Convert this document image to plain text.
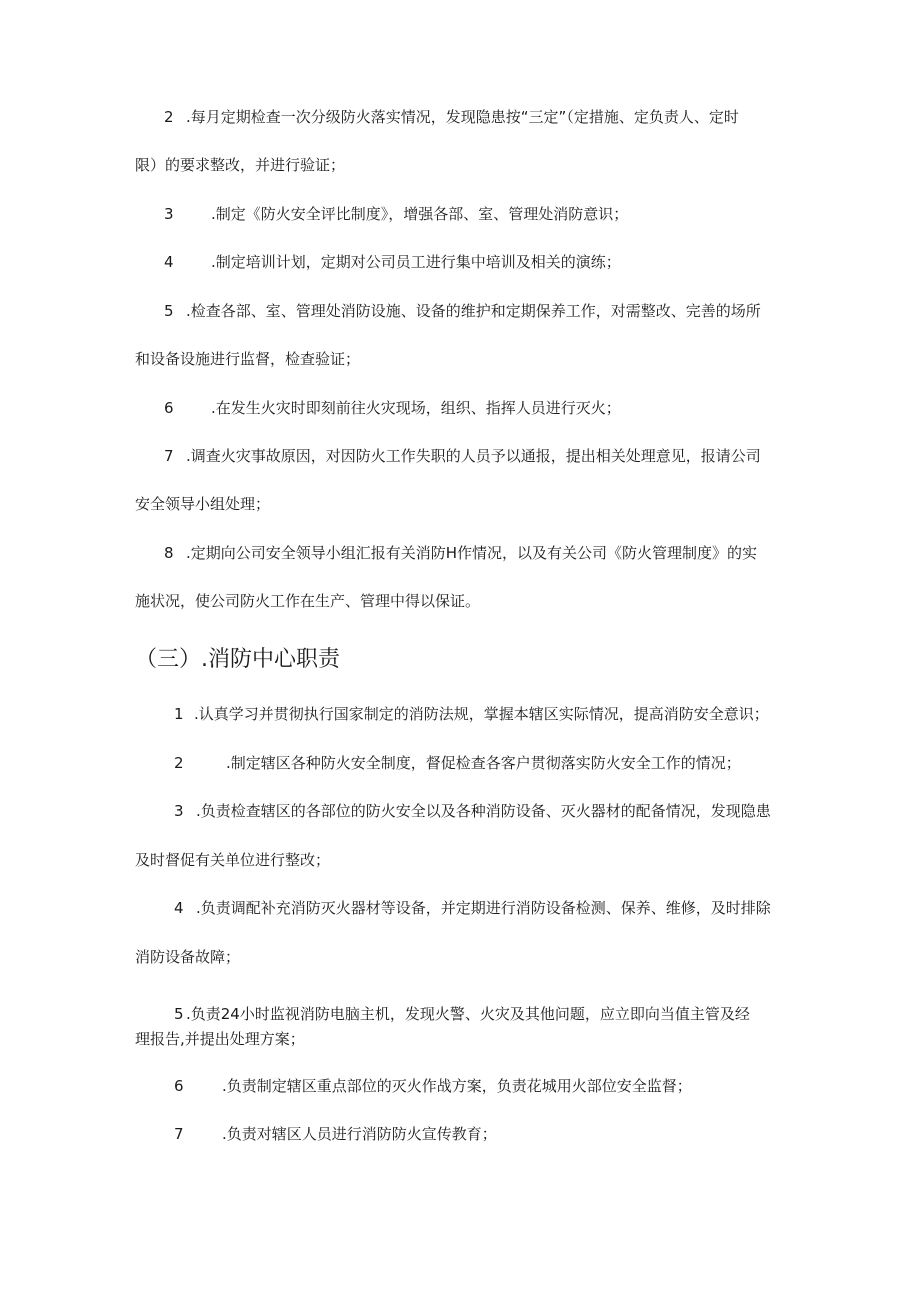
2 .每月定期检查一次分级防火落实情况，发现隐患按“三定”（定措施、定负责人、定时
限）的要求整改，并进行验证；
3 .制定《防火安全评比制度》，增强各部、室、管理处消防意识；
4 .制定培训计划，定期对公司员工进行集中培训及相关的演练；
5 .检查各部、室、管理处消防设施、设备的维护和定期保养工作，对需整改、完善的场所
和设备设施进行监督，检查验证；
6 .在发生火灾时即刻前往火灾现场，组织、指挥人员进行灭火；
7 .调查火灾事故原因，对因防火工作失职的人员予以通报，提出相关处理意见，报请公司
安全领导小组处理；
8 .定期向公司安全领导小组汇报有关消防H作情况，以及有关公司《防火管理制度》的实
施状况，使公司防火工作在生产、管理中得以保证。
（三）.消防中心职责
1 .认真学习并贯彻执行国家制定的消防法规，掌握本辖区实际情况，提高消防安全意识；
2	.制定辖区各种防火安全制度，督促检查各客户贯彻落实防火安全工作的情况；
3 .负责检查辖区的各部位的防火安全以及各种消防设备、灭火器材的配备情况，发现隐患
及时督促有关单位进行整改；
4 .负责调配补充消防灭火器材等设备，并定期进行消防设备检测、保养、维修，及时排除
消防设备故障；
5 .负责24小时监视消防电脑主机，发现火警、火灾及其他问题，应立即向当值主管及经
理报告,并提出处理方案；
6	.负责制定辖区重点部位的灭火作战方案，负责花城用火部位安全监督；
7	.负责对辖区人员进行消防防火宣传教育；
